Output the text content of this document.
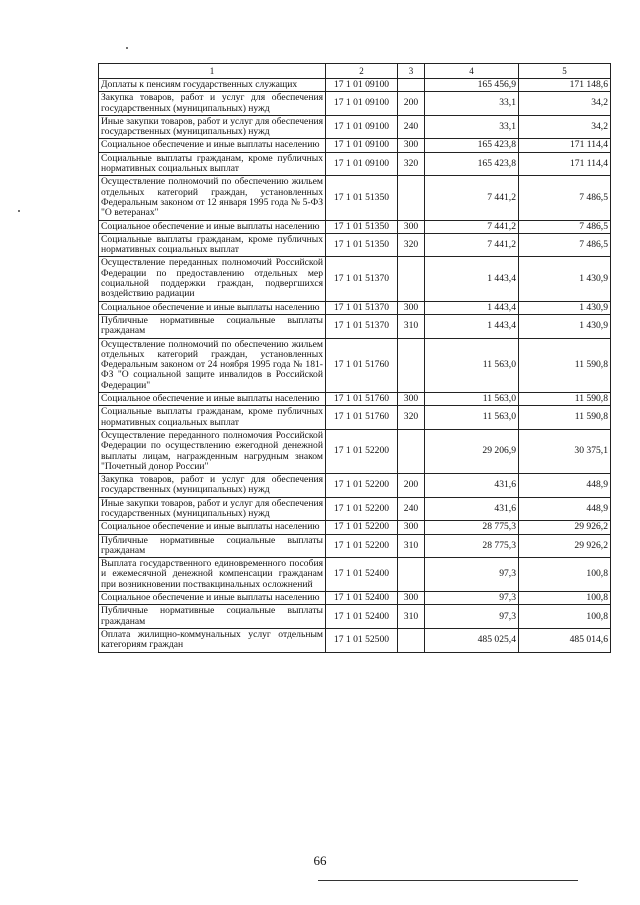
1	2	3	4	5
Доплаты к пенсиям государственных служащих	17 1 01 09100		165 456,9	171 148,6
Закупка товаров, работ и услуг для обеспечения государственных (муниципальных) нужд	17 1 01 09100	200	33,1	34,2
Иные закупки товаров, работ и услуг для обеспечения государственных (муниципальных) нужд	17 1 01 09100	240	33,1	34,2
Социальное обеспечение и иные выплаты населению	17 1 01 09100	300	165 423,8	171 114,4
Социальные выплаты гражданам, кроме публичных нормативных социальных выплат	17 1 01 09100	320	165 423,8	171 114,4
Осуществление полномочий по обеспечению жильем отдельных категорий граждан, установленных Федеральным законом от 12 января 1995 года № 5-ФЗ "О ветеранах"	17 1 01 51350		7 441,2	7 486,5
Социальное обеспечение и иные выплаты населению	17 1 01 51350	300	7 441,2	7 486,5
Социальные выплаты гражданам, кроме публичных нормативных социальных выплат	17 1 01 51350	320	7 441,2	7 486,5
Осуществление переданных полномочий Российской Федерации по предоставлению отдельных мер социальной поддержки граждан, подвергшихся воздействию радиации	17 1 01 51370		1 443,4	1 430,9
Социальное обеспечение и иные выплаты населению	17 1 01 51370	300	1 443,4	1 430,9
Публичные нормативные социальные выплаты гражданам	17 1 01 51370	310	1 443,4	1 430,9
Осуществление полномочий по обеспечению жильем отдельных категорий граждан, установленных Федеральным законом от 24 ноября 1995 года № 181-ФЗ "О социальной защите инвалидов в Российской Федерации"	17 1 01 51760		11 563,0	11 590,8
Социальное обеспечение и иные выплаты населению	17 1 01 51760	300	11 563,0	11 590,8
Социальные выплаты гражданам, кроме публичных нормативных социальных выплат	17 1 01 51760	320	11 563,0	11 590,8
Осуществление переданного полномочия Российской Федерации по осуществлению ежегодной денежной выплаты лицам, награжденным нагрудным знаком "Почетный донор России"	17 1 01 52200		29 206,9	30 375,1
Закупка товаров, работ и услуг для обеспечения государственных (муниципальных) нужд	17 1 01 52200	200	431,6	448,9
Иные закупки товаров, работ и услуг для обеспечения государственных (муниципальных) нужд	17 1 01 52200	240	431,6	448,9
Социальное обеспечение и иные выплаты населению	17 1 01 52200	300	28 775,3	29 926,2
Публичные нормативные социальные выплаты гражданам	17 1 01 52200	310	28 775,3	29 926,2
Выплата государственного единовременного пособия и ежемесячной денежной компенсации гражданам при возникновении поствакцинальных осложнений	17 1 01 52400		97,3	100,8
Социальное обеспечение и иные выплаты населению	17 1 01 52400	300	97,3	100,8
Публичные нормативные социальные выплаты гражданам	17 1 01 52400	310	97,3	100,8
Оплата жилищно-коммунальных услуг отдельным категориям граждан	17 1 01 52500		485 025,4	485 014,6
66
